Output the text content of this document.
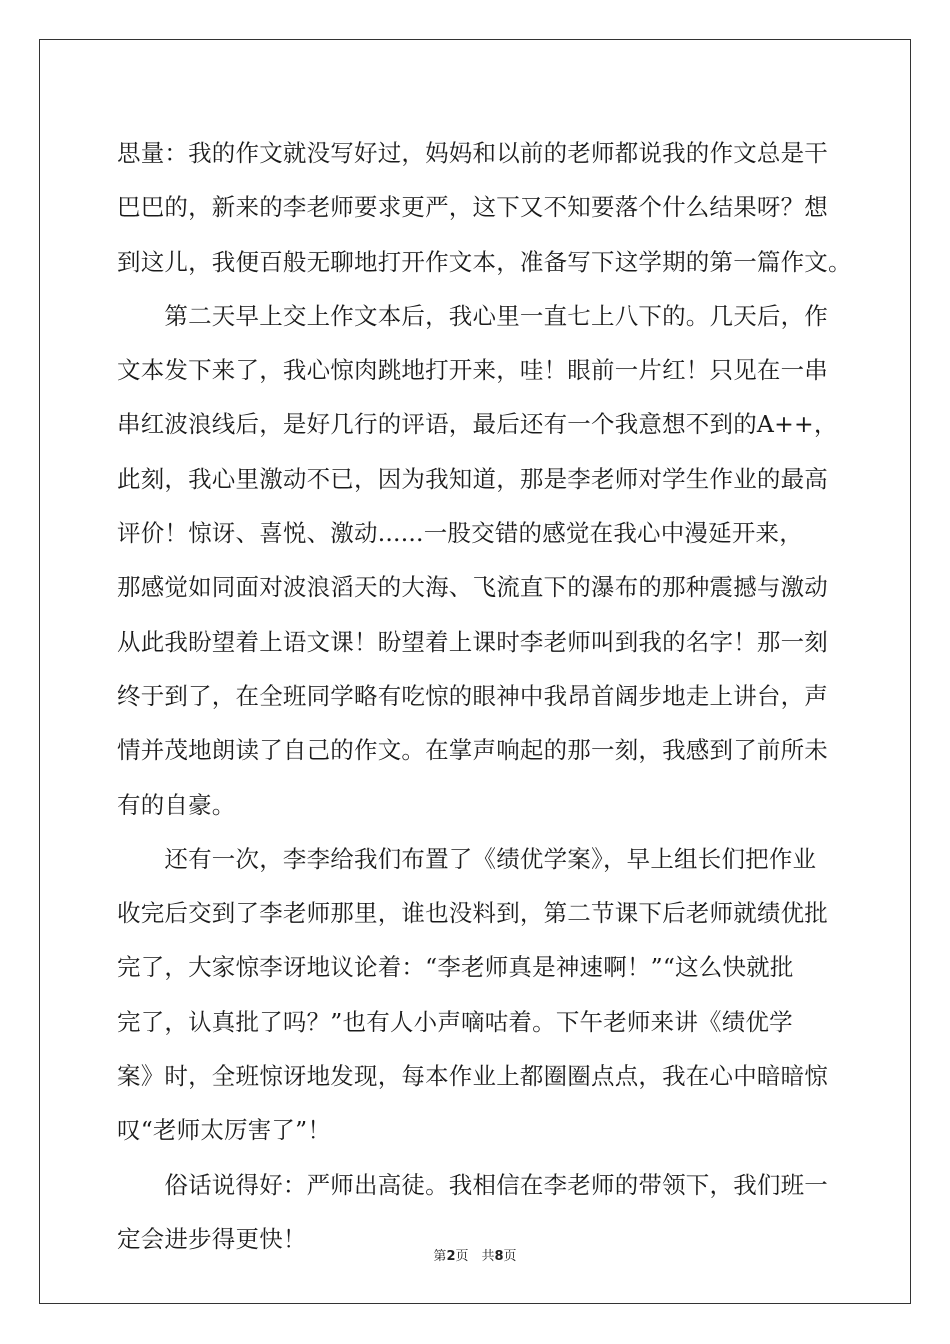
思量：我的作文就没写好过，妈妈和以前的老师都说我的作文总是干
巴巴的，新来的李老师要求更严，这下又不知要落个什么结果呀？想
到这儿，我便百般无聊地打开作文本，准备写下这学期的第一篇作文。
　　第二天早上交上作文本后，我心里一直七上八下的。几天后，作
文本发下来了，我心惊肉跳地打开来，哇！眼前一片红！只见在一串
串红波浪线后，是好几行的评语，最后还有一个我意想不到的A++，
此刻，我心里激动不已，因为我知道，那是李老师对学生作业的最高
评价！惊讶、喜悦、激动......一股交错的感觉在我心中漫延开来，
那感觉如同面对波浪滔天的大海、飞流直下的瀑布的那种震撼与激动
从此我盼望着上语文课！盼望着上课时李老师叫到我的名字！那一刻
终于到了，在全班同学略有吃惊的眼神中我昂首阔步地走上讲台，声
情并茂地朗读了自己的作文。在掌声响起的那一刻，我感到了前所未
有的自豪。
　　还有一次，李李给我们布置了《绩优学案》，早上组长们把作业
收完后交到了李老师那里，谁也没料到，第二节课下后老师就绩优批
完了，大家惊李讶地议论着：“李老师真是神速啊！”“这么快就批
完了，认真批了吗？”也有人小声嘀咕着。下午老师来讲《绩优学
案》时，全班惊讶地发现，每本作业上都圈圈点点，我在心中暗暗惊
叹“老师太厉害了”！
　　俗话说得好：严师出高徒。我相信在李老师的带领下，我们班一
定会进步得更快！
第2页　共8页
